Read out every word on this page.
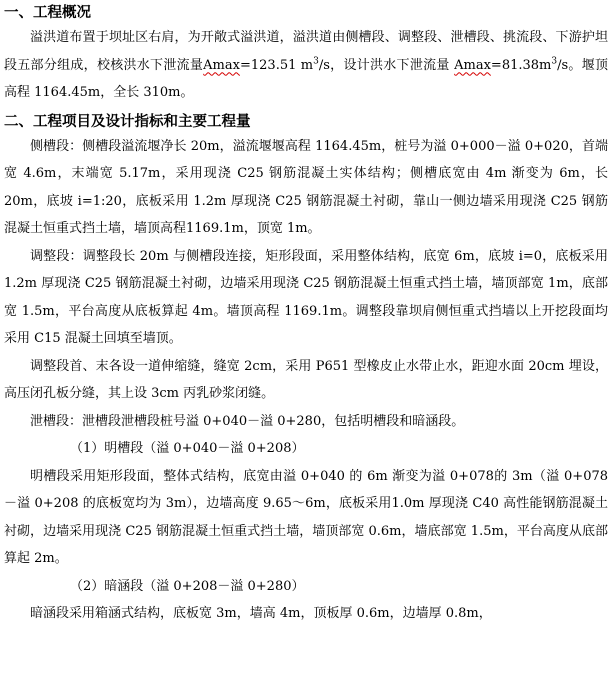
一、工程概况

溢洪道布置于坝址区右肩，为开敞式溢洪道，溢洪道由侧槽段、调整段、泄槽段、挑流段、下游护坦段五部分组成，校核洪水下泄流量Amax=123.51 $m^3/s$，设计洪水下泄流量 $Amax=81.38m^3/s$。堰顶高程 1164.45m，全长 310m。

二、工程项目及设计指标和主要工程量

侧槽段：侧槽段溢流堰净长 20m，溢流堰堰高程 1164.45m，桩号为溢 0+000－溢 0+020，首端宽 4.6m，末端宽 5.17m，采用现浇 C25 钢筋混凝土实体结构；侧槽底宽由 4m 渐变为 6m，长 20m，底坡 i=1:20，底板采用 1.2m 厚现浇 C25 钢筋混凝土衬砌，靠山一侧边墙采用现浇 C25 钢筋混凝土恒重式挡土墙，墙顶高程1169.1m，顶宽 1m。

调整段：调整段长 20m 与侧槽段连接，矩形段面，采用整体结构，底宽 6m，底坡 i=0，底板采用 1.2m 厚现浇 C25 钢筋混凝土衬砌，边墙采用现浇 C25 钢筋混凝土恒重式挡土墙，墙顶部宽 1m，底部宽 1.5m，平台高度从底板算起 4m。墙顶高程 1169.1m。调整段靠坝肩侧恒重式挡墙以上开挖段面均采用 C15 混凝土回填至墙顶。

调整段首、末各设一道伸缩缝，缝宽 2cm，采用 P651 型橡皮止水带止水，距迎水面 20cm 埋设，高压闭孔板分缝，其上设 3cm 丙乳砂浆闭缝。

泄槽段：泄槽段泄槽段桩号溢 0+040－溢 0+280，包括明槽段和暗涵段。

（1）明槽段（溢 0+040－溢 0+208）

明槽段采用矩形段面，整体式结构，底宽由溢 0+040 的 6m 渐变为溢 0+078的 3m（溢 0+078－溢 0+208 的底板宽均为 3m），边墙高度 9.65～6m，底板采用1.0m 厚现浇 C40 高性能钢筋混凝土衬砌，边墙采用现浇 C25 钢筋混凝土恒重式挡土墙，墙顶部宽 0.6m，墙底部宽 1.5m，平台高度从底部算起 2m。

（2）暗涵段（溢 0+208－溢 0+280）

暗涵段采用箱涵式结构，底板宽 3m，墙高 4m，顶板厚 0.6m，边墙厚 0.8m，
